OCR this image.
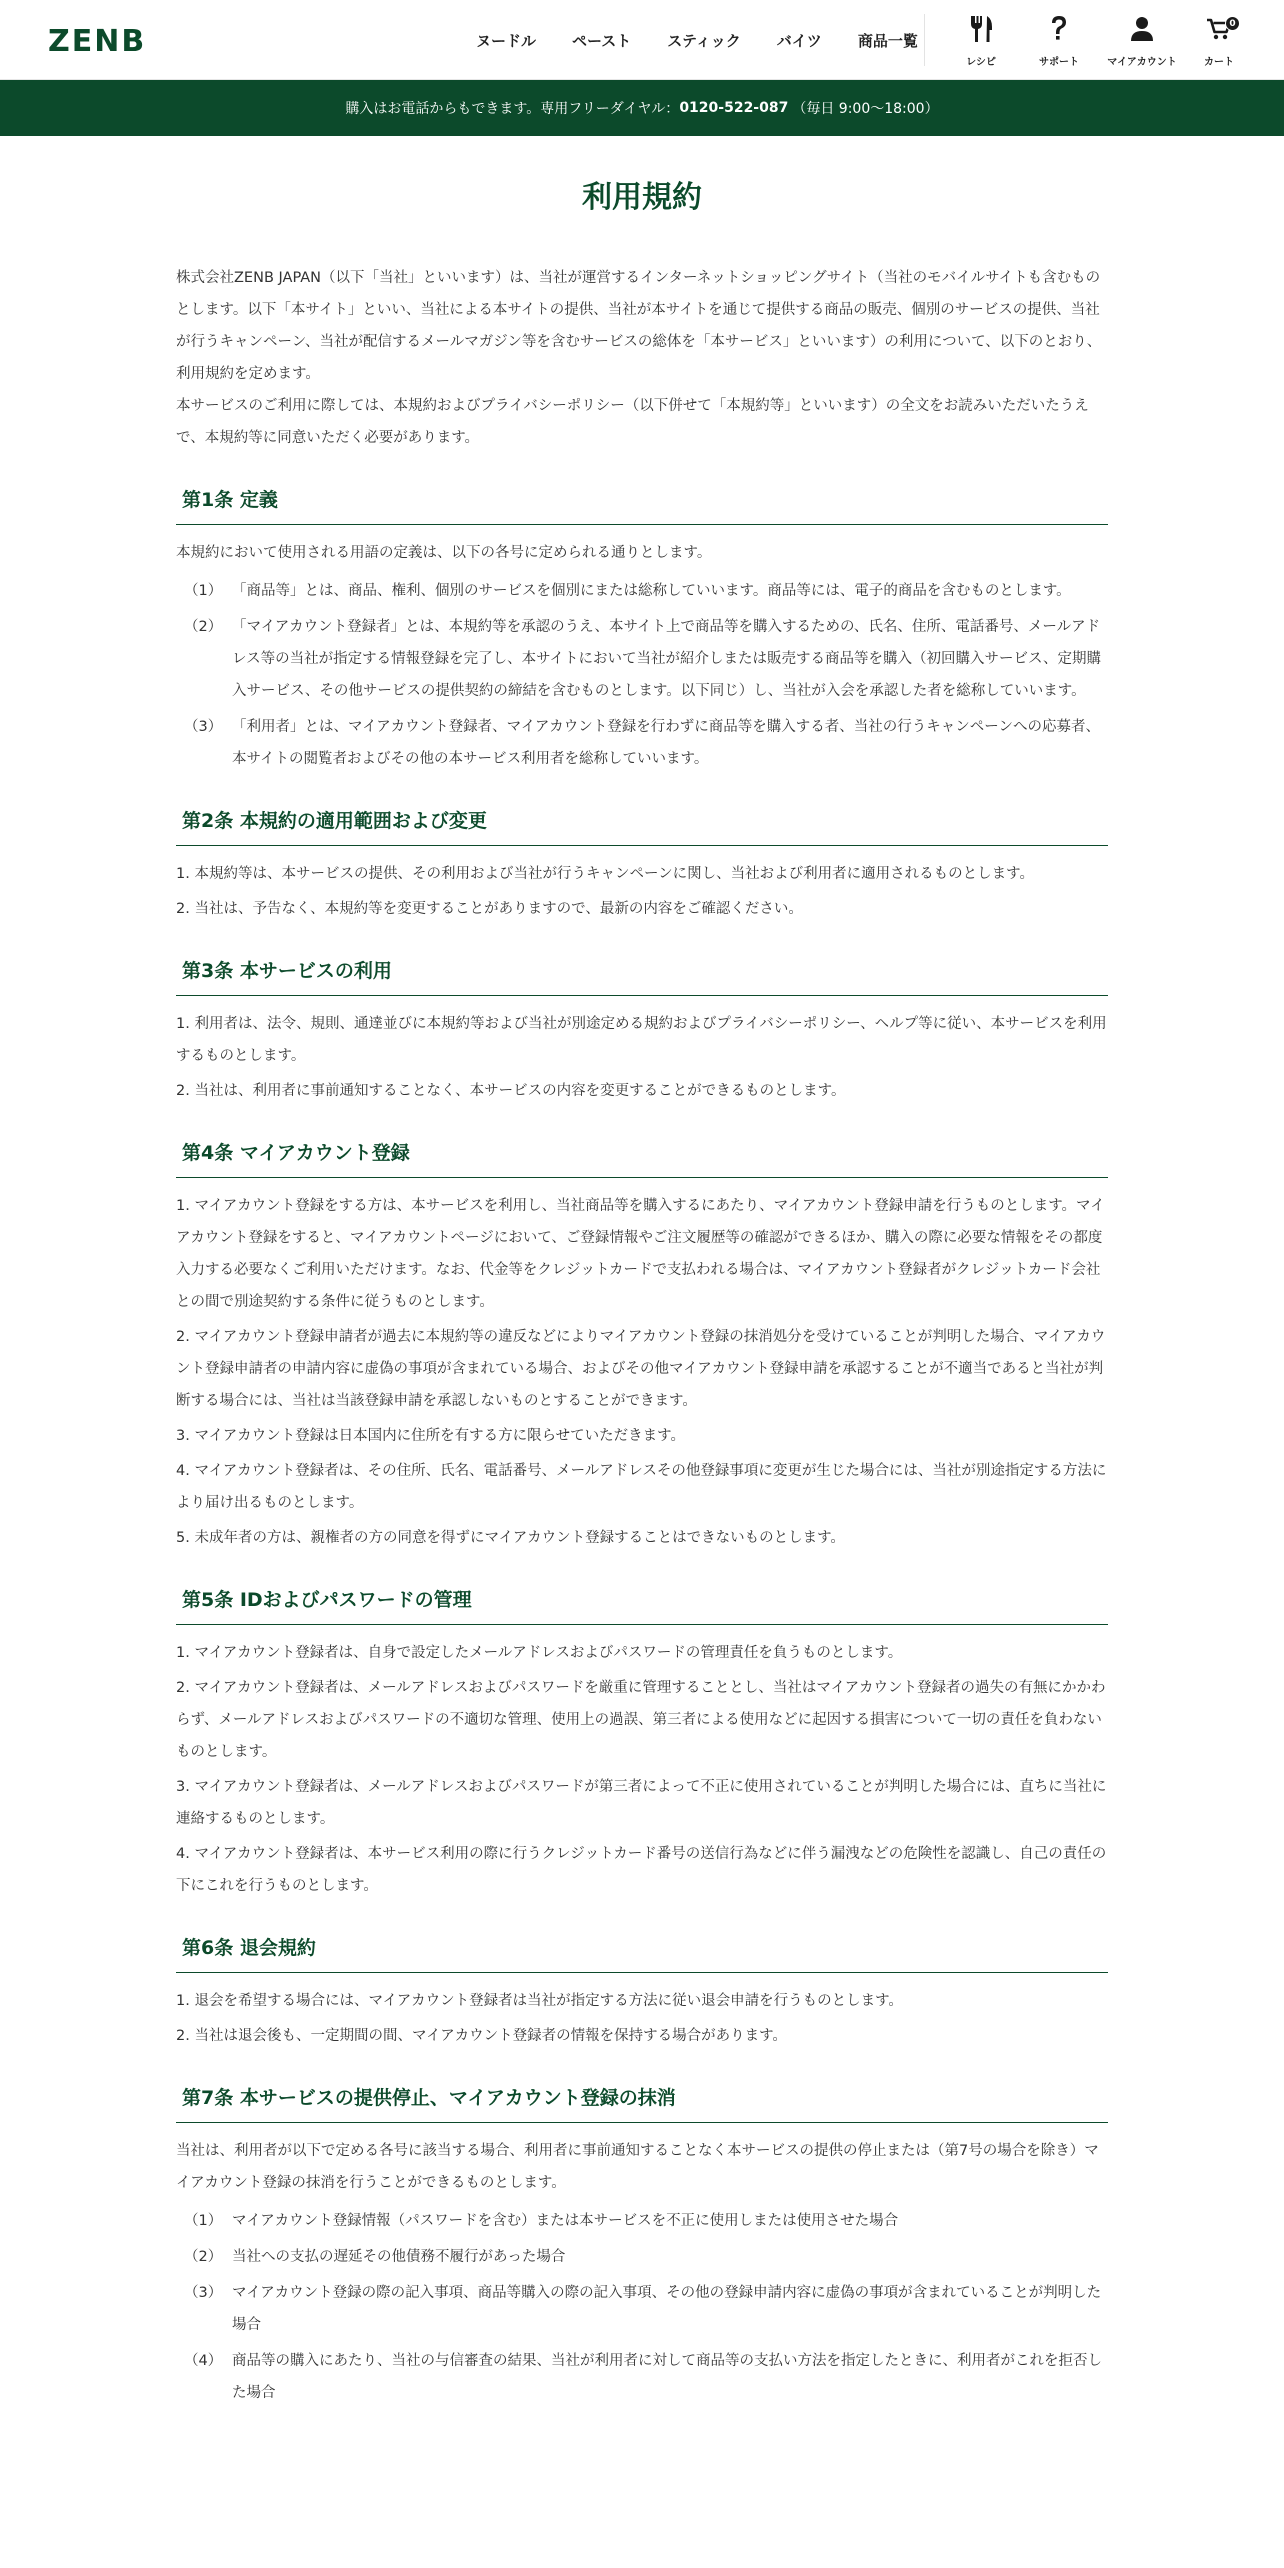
ZENB	ヌードル ペースト スティック バイツ 商品一覧
レシピ	サポート	マイアカウント
0
カート
購入はお電話からもできます。専用フリーダイヤル： 0120-522-087 （毎日 9:00～18:00）
利用規約

株式会社ZENB JAPAN（以下「当社」といいます）は、当社が運営するインターネットショッピングサイト（当社のモバイルサイトも含むものとします。以下「本サイト」といい、当社による本サイトの提供、当社が本サイトを通じて提供する商品の販売、個別のサービスの提供、当社が行うキャンペーン、当社が配信するメールマガジン等を含むサービスの総体を「本サービス」といいます）の利用について、以下のとおり、利用規約を定めます。

本サービスのご利用に際しては、本規約およびプライバシーポリシー（以下併せて「本規約等」といいます）の全文をお読みいただいたうえで、本規約等に同意いただく必要があります。

第1条 定義

本規約において使用される用語の定義は、以下の各号に定められる通りとします。

（1） 「商品等」とは、商品、権利、個別のサービスを個別にまたは総称していいます。商品等には、電子的商品を含むものとします。
（2） 「マイアカウント登録者」とは、本規約等を承認のうえ、本サイト上で商品等を購入するための、氏名、住所、電話番号、メールアドレス等の当社が指定する情報登録を完了し、本サイトにおいて当社が紹介しまたは販売する商品等を購入（初回購入サービス、定期購入サービス、その他サービスの提供契約の締結を含むものとします。以下同じ）し、当社が入会を承認した者を総称していいます。
（3） 「利用者」とは、マイアカウント登録者、マイアカウント登録を行わずに商品等を購入する者、当社の行うキャンペーンへの応募者、本サイトの閲覧者およびその他の本サービス利用者を総称していいます。
第2条 本規約の適用範囲および変更
1. 本規約等は、本サービスの提供、その利用および当社が行うキャンペーンに関し、当社および利用者に適用されるものとします。
2. 当社は、予告なく、本規約等を変更することがありますので、最新の内容をご確認ください。
第3条 本サービスの利用
1. 利用者は、法令、規則、通達並びに本規約等および当社が別途定める規約およびプライバシーポリシー、ヘルプ等に従い、本サービスを利用するものとします。
2. 当社は、利用者に事前通知することなく、本サービスの内容を変更することができるものとします。
第4条 マイアカウント登録
1. マイアカウント登録をする方は、本サービスを利用し、当社商品等を購入するにあたり、マイアカウント登録申請を行うものとします。マイアカウント登録をすると、マイアカウントページにおいて、ご登録情報やご注文履歴等の確認ができるほか、購入の際に必要な情報をその都度入力する必要なくご利用いただけます。なお、代金等をクレジットカードで支払われる場合は、マイアカウント登録者がクレジットカード会社との間で別途契約する条件に従うものとします。
2. マイアカウント登録申請者が過去に本規約等の違反などによりマイアカウント登録の抹消処分を受けていることが判明した場合、マイアカウント登録申請者の申請内容に虚偽の事項が含まれている場合、およびその他マイアカウント登録申請を承認することが不適当であると当社が判断する場合には、当社は当該登録申請を承認しないものとすることができます。
3. マイアカウント登録は日本国内に住所を有する方に限らせていただきます。
4. マイアカウント登録者は、その住所、氏名、電話番号、メールアドレスその他登録事項に変更が生じた場合には、当社が別途指定する方法により届け出るものとします。
5. 未成年者の方は、親権者の方の同意を得ずにマイアカウント登録することはできないものとします。
第5条 IDおよびパスワードの管理
1. マイアカウント登録者は、自身で設定したメールアドレスおよびパスワードの管理責任を負うものとします。
2. マイアカウント登録者は、メールアドレスおよびパスワードを厳重に管理することとし、当社はマイアカウント登録者の過失の有無にかかわらず、メールアドレスおよびパスワードの不適切な管理、使用上の過誤、第三者による使用などに起因する損害について一切の責任を負わないものとします。
3. マイアカウント登録者は、メールアドレスおよびパスワードが第三者によって不正に使用されていることが判明した場合には、直ちに当社に連絡するものとします。
4. マイアカウント登録者は、本サービス利用の際に行うクレジットカード番号の送信行為などに伴う漏洩などの危険性を認識し、自己の責任の下にこれを行うものとします。
第6条 退会規約
1. 退会を希望する場合には、マイアカウント登録者は当社が指定する方法に従い退会申請を行うものとします。
2. 当社は退会後も、一定期間の間、マイアカウント登録者の情報を保持する場合があります。
第7条 本サービスの提供停止、マイアカウント登録の抹消

当社は、利用者が以下で定める各号に該当する場合、利用者に事前通知することなく本サービスの提供の停止または（第7号の場合を除き）マイアカウント登録の抹消を行うことができるものとします。

（1） マイアカウント登録情報（パスワードを含む）または本サービスを不正に使用しまたは使用させた場合
（2） 当社への支払の遅延その他債務不履行があった場合
（3） マイアカウント登録の際の記入事項、商品等購入の際の記入事項、その他の登録申請内容に虚偽の事項が含まれていることが判明した場合
（4） 商品等の購入にあたり、当社の与信審査の結果、当社が利用者に対して商品等の支払い方法を指定したときに、利用者がこれを拒否した場合
